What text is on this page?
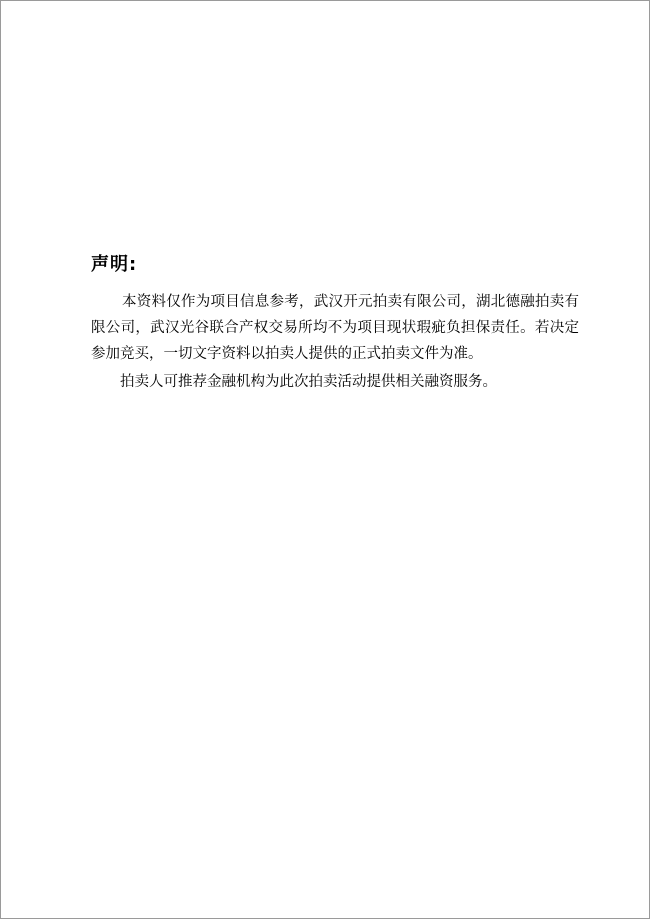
声明:

本资料仅作为项目信息参考，武汉开元拍卖有限公司，湖北德融拍卖有限公司，武汉光谷联合产权交易所均不为项目现状瑕疵负担保责任。若决定参加竞买，一切文字资料以拍卖人提供的正式拍卖文件为准。

拍卖人可推荐金融机构为此次拍卖活动提供相关融资服务。
